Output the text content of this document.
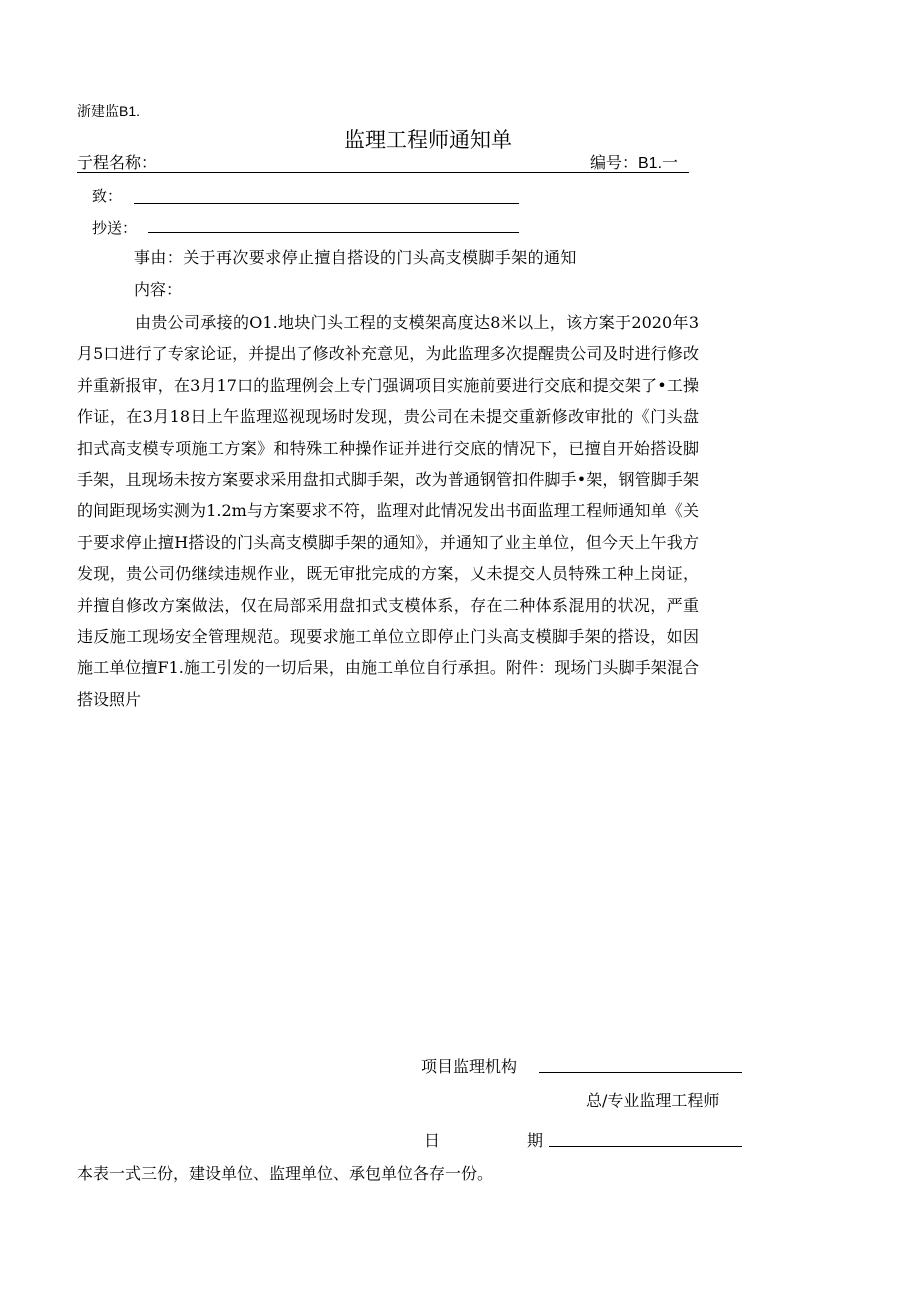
浙建监B1.
监理工程师通知单
亍程名称：	编号：B1.一
致：
抄送：
事由：关于再次要求停止擅自搭设的门头高支模脚手架的通知
内容：

由贵公司承接的O1.地块门头工程的支模架高度达8米以上，该方案于2020年3月5口进行了专家论证，并提出了修改补充意见，为此监理多次提醒贵公司及时进行修改并重新报审，在3月17口的监理例会上专门强调项目实施前要进行交底和提交架了•工操作证，在3月18日上午监理巡视现场时发现，贵公司在未提交重新修改审批的《门头盘扣式高支模专项施工方案》和特殊工种操作证并进行交底的情况下，已擅自开始搭设脚手架，且现场未按方案要求采用盘扣式脚手架，改为普通钢管扣件脚手•架，钢管脚手架的间距现场实测为1.2m与方案要求不符，监理对此情况发出书面监理工程师通知单《关于要求停止擅H搭设的门头高支模脚手架的通知》，并通知了业主单位，但今天上午我方发现，贵公司仍继续违规作业，既无审批完成的方案，乂未提交人员特殊工种上岗证，并擅自修改方案做法，仅在局部采用盘扣式支模体系，存在二种体系混用的状况，严重违反施工现场安全管理规范。现要求施工单位立即停止门头高支模脚手架的搭设，如因施工单位擅F1.施工引发的一切后果，由施工单位自行承担。附件：现场门头脚手架混合搭设照片

项目监理机构
总/专业监理工程师
日	期
本表一式三份，建设单位、监理单位、承包单位各存一份。
